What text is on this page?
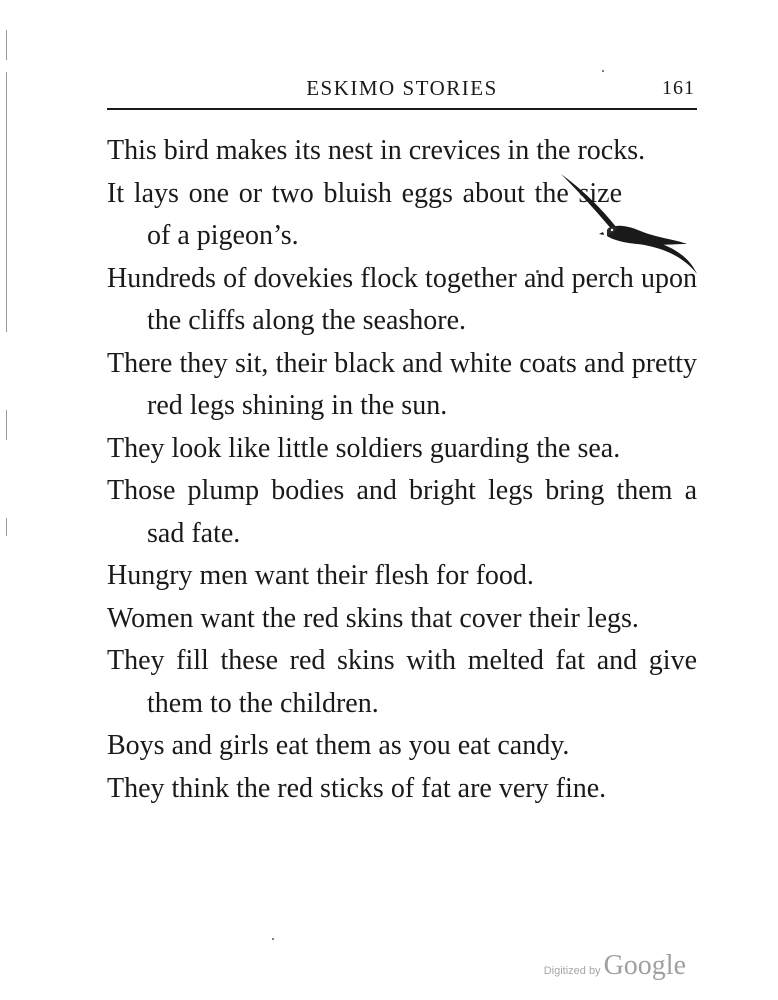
ESKIMO STORIES	161

This bird makes its nest in crevices in the rocks.

It lays one or two bluish eggs about the size of a pigeon’s.

Hundreds of dovekies flock together and perch upon the cliffs along the seashore.

There they sit, their black and white coats and pretty red legs shining in the sun.

They look like little soldiers guarding the sea.

Those plump bodies and bright legs bring them a sad fate.

Hungry men want their flesh for food.

Women want the red skins that cover their legs.

They fill these red skins with melted fat and give them to the children.

Boys and girls eat them as you eat candy.

They think the red sticks of fat are very fine.

Digitized by Google
